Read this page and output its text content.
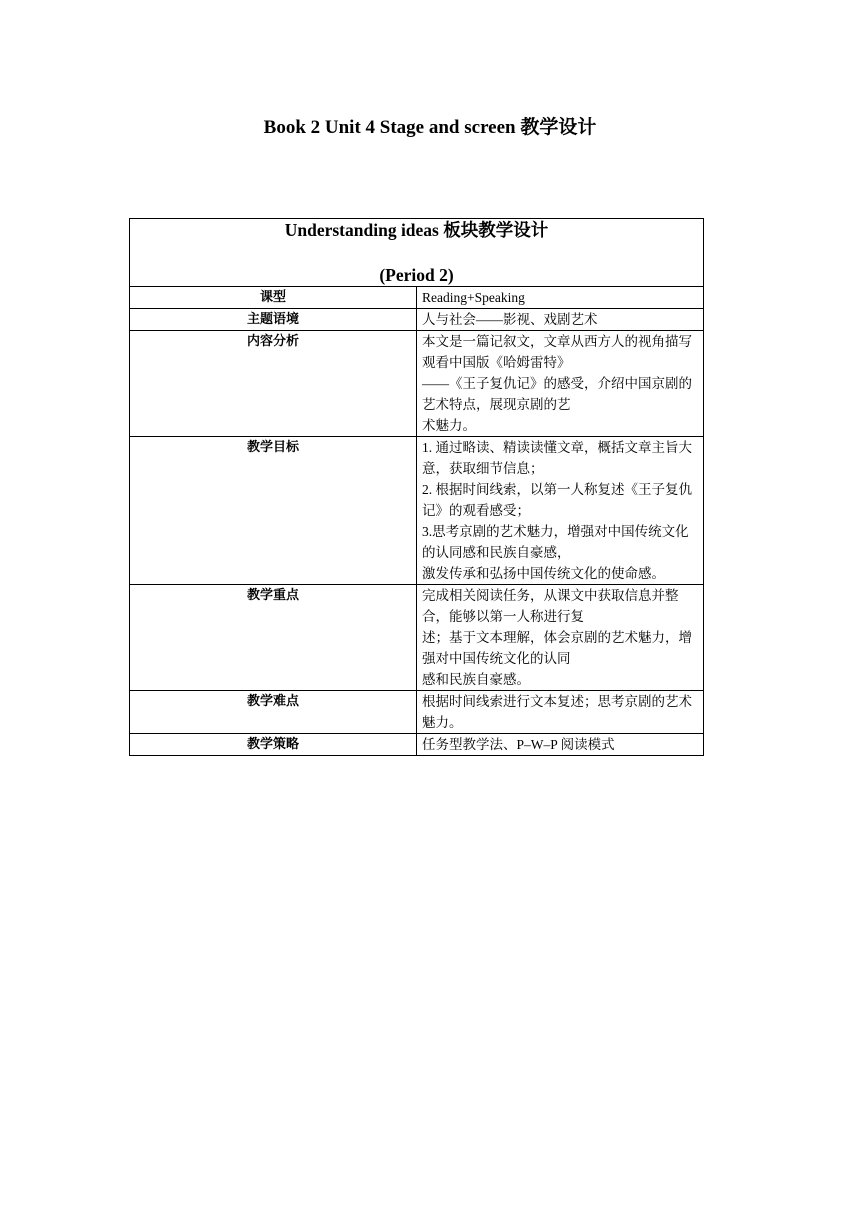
Book 2 Unit 4 Stage and screen 教学设计
Understanding ideas 板块教学设计
(Period 2)	

课型	Reading+Speaking

主题语境	人与社会——影视、戏剧艺术

内容分析	本文是一篇记叙文，文章从西方人的视角描写观看中国版《哈姆雷特》
——《王子复仇记》的感受，介绍中国京剧的艺术特点，展现京剧的艺
术魅力。

教学目标	1. 通过略读、精读读懂文章，概括文章主旨大意，获取细节信息；
2. 根据时间线索，以第一人称复述《王子复仇记》的观看感受；
3.思考京剧的艺术魅力，增强对中国传统文化的认同感和民族自豪感，
激发传承和弘扬中国传统文化的使命感。

教学重点	完成相关阅读任务，从课文中获取信息并整合，能够以第一人称进行复
述；基于文本理解，体会京剧的艺术魅力，增强对中国传统文化的认同
感和民族自豪感。

教学难点	根据时间线索进行文本复述；思考京剧的艺术魅力。

教学策略	任务型教学法、P–W–P 阅读模式
